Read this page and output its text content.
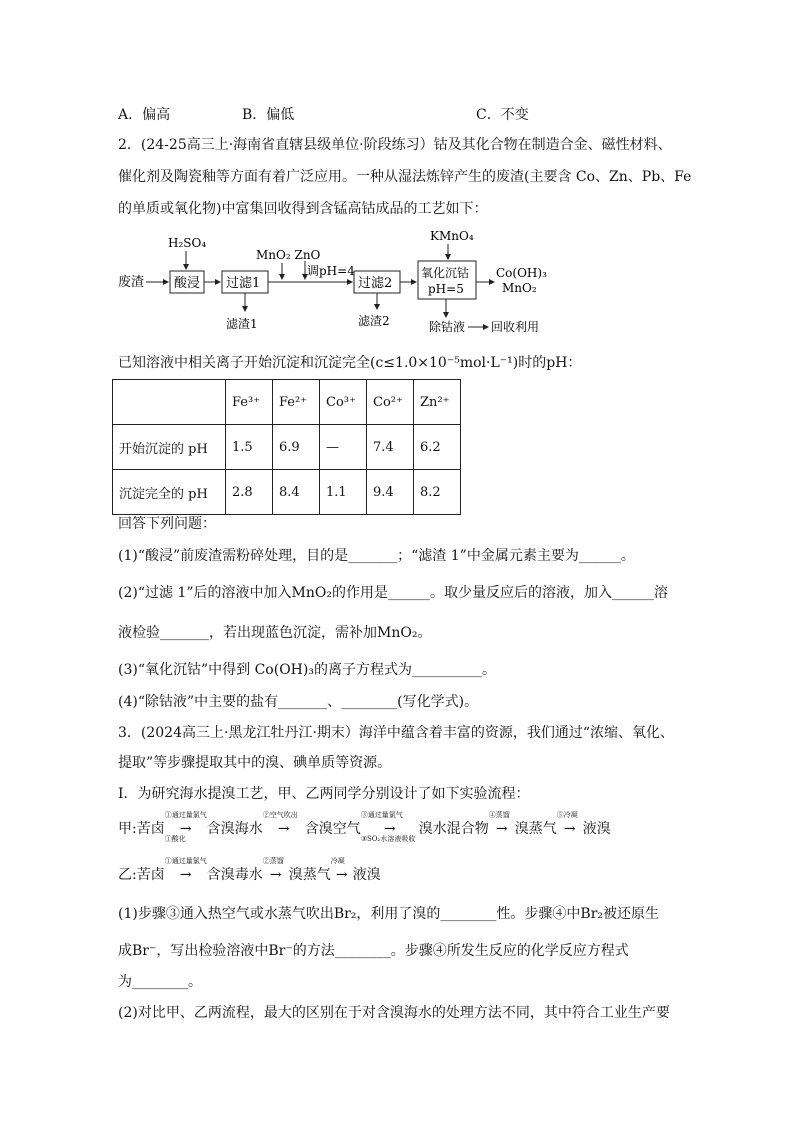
A．偏高	B．偏低	C．不变
2．(24-25高三上·海南省直辖县级单位·阶段练习）钴及其化合物在制造合金、磁性材料、
催化剂及陶瓷釉等方面有着广泛应用。一种从湿法炼锌产生的废渣(主要含 Co、Zn、Pb、Fe
的单质或氧化物)中富集回收得到含锰高钴成品的工艺如下：
废渣
H₂SO₄
酸浸 过滤1
滤渣1
MnO₂ ZnO
调pH=4
过滤2
滤渣2
KMnO₄
氧化沉钴
pH=5
Co(OH)₃
MnO₂
除钴液 回收利用
已知溶液中相关离子开始沉淀和沉淀完全(c≤1.0×10⁻⁵mol·L⁻¹)时的pH：
	Fe³⁺	Fe²⁺	Co³⁺	Co²⁺	Zn²⁺
开始沉淀的 pH	1.5	6.9	—	7.4	6.2
沉淀完全的 pH	2.8	8.4	1.1	9.4	8.2
回答下列问题：
(1)“酸浸”前废渣需粉碎处理，目的是_______；“滤渣 1”中金属元素主要为______。
(2)“过滤 1”后的溶液中加入MnO₂的作用是______。取少量反应后的溶液，加入______溶
液检验_______，若出现蓝色沉淀，需补加MnO₂。
(3)“氧化沉钴”中得到 Co(OH)₃的离子方程式为__________。
(4)“除钴液”中主要的盐有_______、________(写化学式)。
3．(2024高三上·黑龙江牡丹江·期末）海洋中蕴含着丰富的资源，我们通过“浓缩、氧化、
提取”等步骤提取其中的溴、碘单质等资源。
I．为研究海水提溴工艺，甲、乙两同学分别设计了如下实验流程：
甲:苦卤
①通过量氯气
→
①酸化
含溴海水
②空气吹出
→ 含溴空气
③通过量氯气
→
③SO₂水溶液吸收
溴水混合物
④蒸馏
→ 溴蒸气
⑤冷凝
→ 液溴
乙:苦卤
①通过量氯气
→ 含溴毒水
②蒸馏
→ 溴蒸气
冷凝
→ 液溴
(1)步骤③通入热空气或水蒸气吹出Br₂，利用了溴的________性。步骤④中Br₂被还原生
成Br⁻，写出检验溶液中Br⁻的方法________。步骤④所发生反应的化学反应方程式
为________。
(2)对比甲、乙两流程，最大的区别在于对含溴海水的处理方法不同，其中符合工业生产要
